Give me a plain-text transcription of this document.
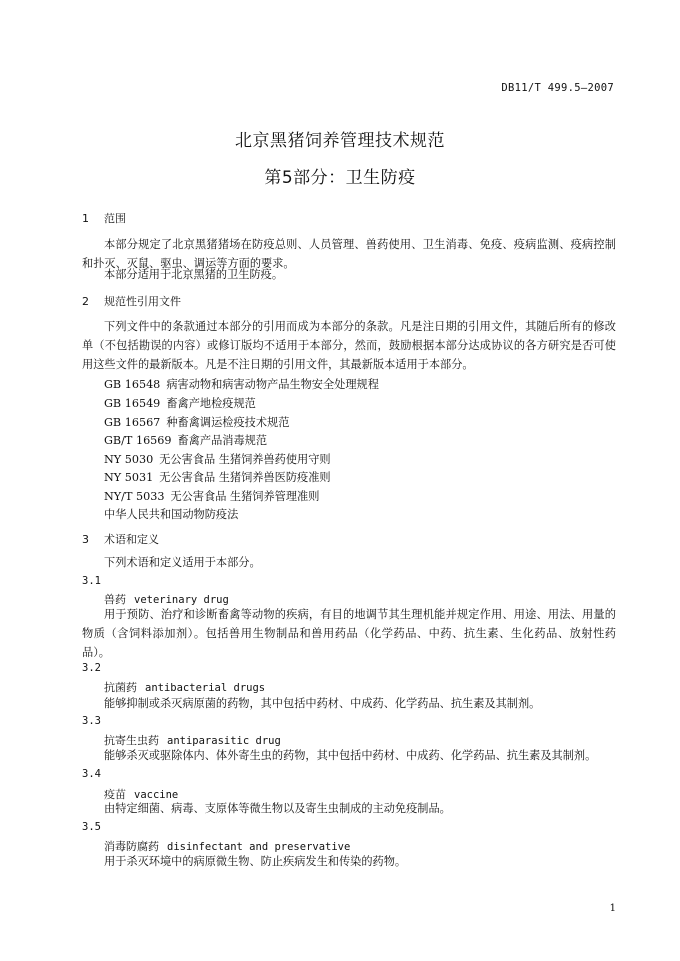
DB11/T 499.5—2007
北京黑猪饲养管理技术规范
第5部分：卫生防疫
1 范围
本部分规定了北京黑猪猪场在防疫总则、人员管理、兽药使用、卫生消毒、免疫、疫病监测、疫病控制和扑灭、灭鼠、驱虫、调运等方面的要求。
本部分适用于北京黑猪的卫生防疫。
2 规范性引用文件
下列文件中的条款通过本部分的引用而成为本部分的条款。凡是注日期的引用文件，其随后所有的修改单（不包括勘误的内容）或修订版均不适用于本部分，然而，鼓励根据本部分达成协议的各方研究是否可使用这些文件的最新版本。凡是不注日期的引用文件，其最新版本适用于本部分。
GB 16548 病害动物和病害动物产品生物安全处理规程
GB 16549 畜禽产地检疫规范
GB 16567 种畜禽调运检疫技术规范
GB/T 16569 畜禽产品消毒规范
NY 5030 无公害食品 生猪饲养兽药使用守则
NY 5031 无公害食品 生猪饲养兽医防疫准则
NY/T 5033 无公害食品 生猪饲养管理准则
中华人民共和国动物防疫法
3 术语和定义
下列术语和定义适用于本部分。
3.1
兽药 veterinary drug
用于预防、治疗和诊断畜禽等动物的疾病，有目的地调节其生理机能并规定作用、用途、用法、用量的物质（含饲料添加剂）。包括兽用生物制品和兽用药品（化学药品、中药、抗生素、生化药品、放射性药品）。
3.2
抗菌药 antibacterial drugs
能够抑制或杀灭病原菌的药物，其中包括中药材、中成药、化学药品、抗生素及其制剂。
3.3
抗寄生虫药 antiparasitic drug
能够杀灭或驱除体内、体外寄生虫的药物，其中包括中药材、中成药、化学药品、抗生素及其制剂。
3.4
疫苗 vaccine
由特定细菌、病毒、支原体等微生物以及寄生虫制成的主动免疫制品。
3.5
消毒防腐药 disinfectant and preservative
用于杀灭环境中的病原微生物、防止疾病发生和传染的药物。
1
